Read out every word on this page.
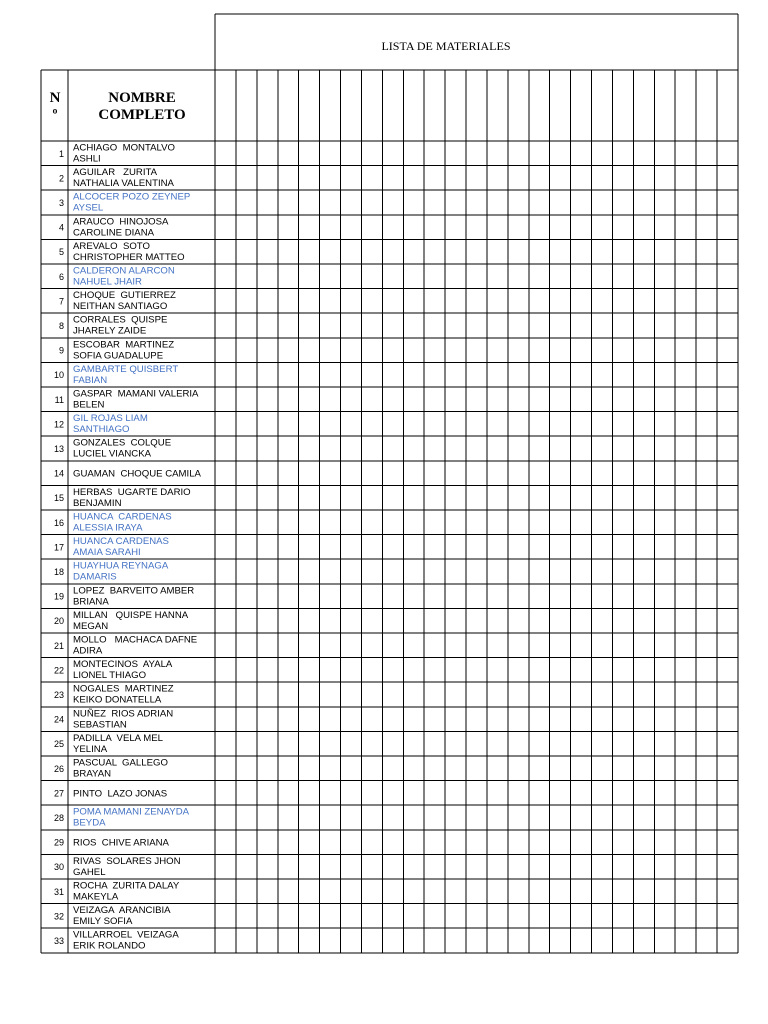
LISTA DE MATERIALES
N
º
NOMBRE
COMPLETO
1
ACHIAGO  MONTALVO
ASHLI
2
AGUILAR   ZURITA
NATHALIA VALENTINA
3
ALCOCER POZO ZEYNEP
AYSEL
4
ARAUCO  HINOJOSA
CAROLINE DIANA
5
AREVALO  SOTO
CHRISTOPHER MATTEO
6
CALDERON ALARCON
NAHUEL JHAIR
7
CHOQUE  GUTIERREZ
NEITHAN SANTIAGO
8
CORRALES  QUISPE
JHARELY ZAIDE
9
ESCOBAR  MARTINEZ
SOFIA GUADALUPE
10
GAMBARTE QUISBERT
FABIAN
11
GASPAR  MAMANI VALERIA
BELEN
12
GIL ROJAS LIAM
SANTHIAGO
13
GONZALES  COLQUE
LUCIEL VIANCKA
14 GUAMAN  CHOQUE CAMILA
15
HERBAS  UGARTE DARIO
BENJAMIN
16
HUANCA  CARDENAS
ALESSIA IRAYA
17
HUANCA CARDENAS
AMAIA SARAHI
18
HUAYHUA REYNAGA
DAMARIS
19
LOPEZ  BARVEITO AMBER
BRIANA
20
MILLAN   QUISPE HANNA
MEGAN
21
MOLLO   MACHACA DAFNE
ADIRA
22
MONTECINOS  AYALA
LIONEL THIAGO
23
NOGALES  MARTINEZ
KEIKO DONATELLA
24
NUÑEZ  RIOS ADRIAN
SEBASTIAN
25
PADILLA  VELA MEL
YELINA
26
PASCUAL  GALLEGO
BRAYAN
27 PINTO  LAZO JONAS
28
POMA MAMANI ZENAYDA
BEYDA
29 RIOS  CHIVE ARIANA
30
RIVAS  SOLARES JHON
GAHEL
31
ROCHA  ZURITA DALAY
MAKEYLA
32
VEIZAGA  ARANCIBIA
EMILY SOFIA
33
VILLARROEL  VEIZAGA
ERIK ROLANDO
